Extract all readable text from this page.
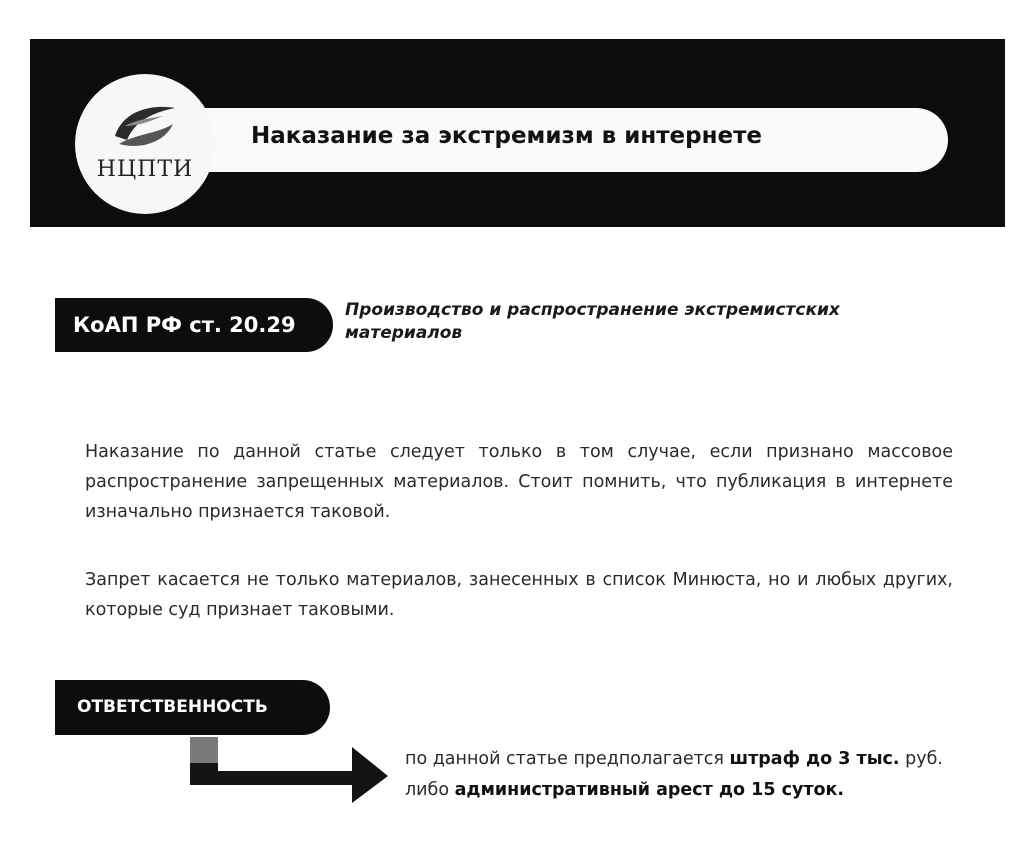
НЦПТИ
Наказание за экстремизм в интернете
КоАП РФ ст. 20.29
Производство и распространение экстремистских материалов
Наказание по данной статье следует только в том случае, если признано массовое распространение запрещенных материалов. Стоит помнить, что публикация в интернете изначально признается таковой.
Запрет касается не только материалов, занесенных в список Минюста, но и любых других, которые суд признает таковыми.
ОТВЕТСТВЕННОСТЬ
по данной статье предполагается штраф до 3 тыс. руб. либо административный арест до 15 суток.
